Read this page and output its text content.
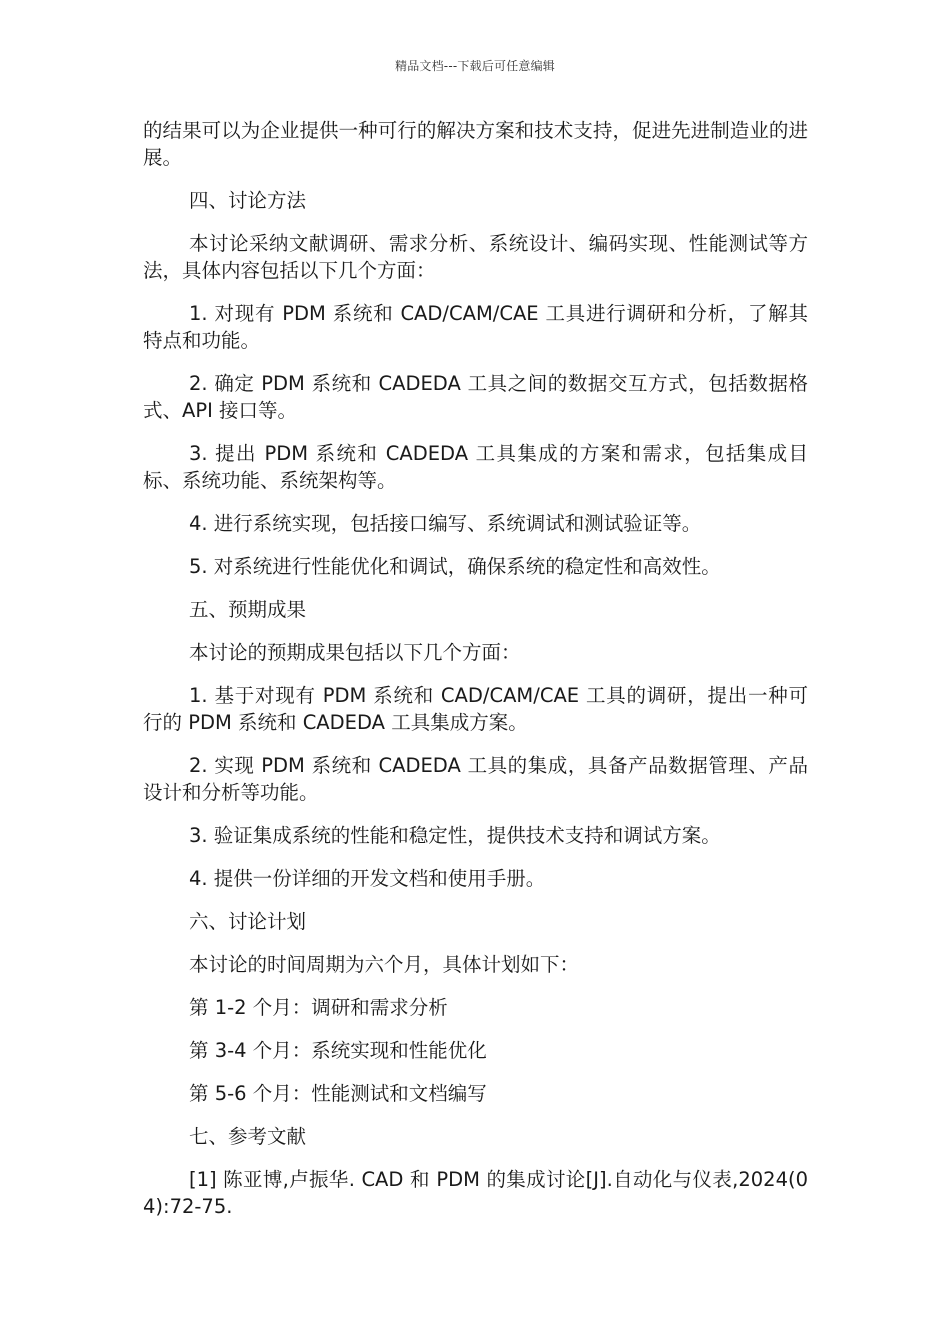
精品文档---下载后可任意编辑

的结果可以为企业提供一种可行的解决方案和技术支持，促进先进制造业的进展。

四、讨论方法

本讨论采纳文献调研、需求分析、系统设计、编码实现、性能测试等方法，具体内容包括以下几个方面：

1. 对现有 PDM 系统和 CAD/CAM/CAE 工具进行调研和分析，了解其特点和功能。

2. 确定 PDM 系统和 CADEDA 工具之间的数据交互方式，包括数据格式、API 接口等。

3. 提出 PDM 系统和 CADEDA 工具集成的方案和需求，包括集成目标、系统功能、系统架构等。

4. 进行系统实现，包括接口编写、系统调试和测试验证等。

5. 对系统进行性能优化和调试，确保系统的稳定性和高效性。

五、预期成果

本讨论的预期成果包括以下几个方面：

1. 基于对现有 PDM 系统和 CAD/CAM/CAE 工具的调研，提出一种可行的 PDM 系统和 CADEDA 工具集成方案。

2. 实现 PDM 系统和 CADEDA 工具的集成，具备产品数据管理、产品设计和分析等功能。

3. 验证集成系统的性能和稳定性，提供技术支持和调试方案。

4. 提供一份详细的开发文档和使用手册。

六、讨论计划

本讨论的时间周期为六个月，具体计划如下：

第 1-2 个月：调研和需求分析

第 3-4 个月：系统实现和性能优化

第 5-6 个月：性能测试和文档编写

七、参考文献

[1] 陈亚博,卢振华. CAD 和 PDM 的集成讨论[J].自动化与仪表,2024(04):72-75.
